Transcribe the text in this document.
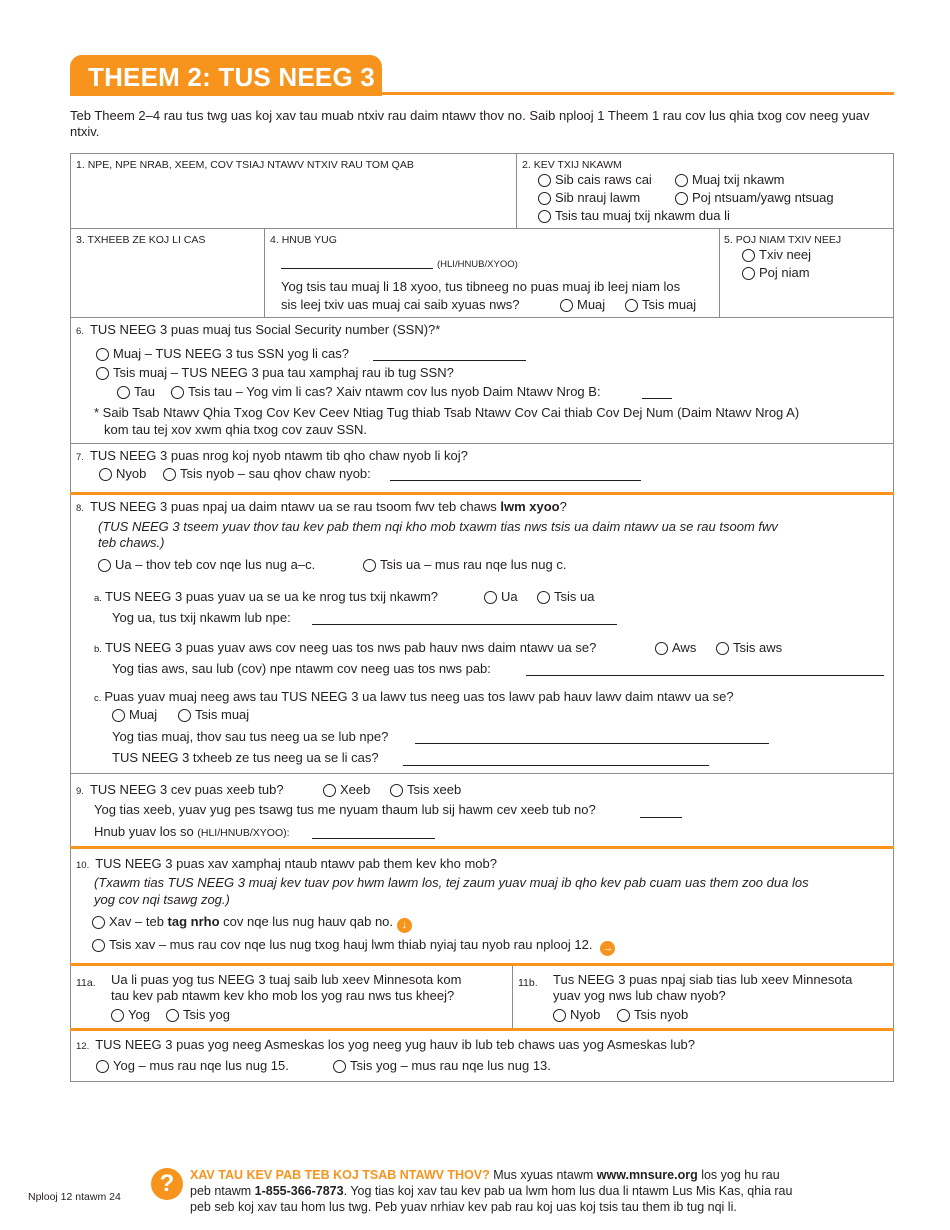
THEEM 2: TUS NEEG 3
Teb Theem 2–4 rau tus twg uas koj xav tau muab ntxiv rau daim ntawv thov no. Saib nplooj 1 Theem 1 rau cov lus qhia txog cov neeg yuav ntxiv.
1. NPE, NPE NRAB, XEEM, COV TSIAJ NTAWV NTXIV RAU TOM QAB	2. KEV TXIJ NKAWM
Sib cais raws cai	Muaj txij nkawm
Sib nrauj lawm	Poj ntsuam/yawg ntsuag
Tsis tau muaj txij nkawm dua li
3. TXHEEB ZE KOJ LI CAS	4. HNUB YUG
(HLI/HNUB/XYOO)
Yog tsis tau muaj li 18 xyoo, tus tibneeg no puas muaj ib leej niam los
sis leej txiv uas muaj cai saib xyuas nws?	Muaj	Tsis muaj
5. POJ NIAM TXIV NEEJ
Txiv neej
Poj niam
6. TUS NEEG 3 puas muaj tus Social Security number (SSN)?*
Muaj – TUS NEEG 3 tus SSN yog li cas?
Tsis muaj – TUS NEEG 3 pua tau xamphaj rau ib tug SSN?
Tau	Tsis tau – Yog vim li cas? Xaiv ntawm cov lus nyob Daim Ntawv Nrog B:
* Saib Tsab Ntawv Qhia Txog Cov Kev Ceev Ntiag Tug thiab Tsab Ntawv Cov Cai thiab Cov Dej Num (Daim Ntawv Nrog A)
kom tau tej xov xwm qhia txog cov zauv SSN.
7. TUS NEEG 3 puas nrog koj nyob ntawm tib qho chaw nyob li koj?
Nyob	Tsis nyob – sau qhov chaw nyob:
8. TUS NEEG 3 puas npaj ua daim ntawv ua se rau tsoom fwv teb chaws lwm xyoo?
(TUS NEEG 3 tseem yuav thov tau kev pab them nqi kho mob txawm tias nws tsis ua daim ntawv ua se rau tsoom fwv
teb chaws.)
Ua – thov teb cov nqe lus nug a–c.	Tsis ua – mus rau nqe lus nug c.
a. TUS NEEG 3 puas yuav ua se ua ke nrog tus txij nkawm?	Ua	Tsis ua
Yog ua, tus txij nkawm lub npe:
b. TUS NEEG 3 puas yuav aws cov neeg uas tos nws pab hauv nws daim ntawv ua se?	Aws	Tsis aws
Yog tias aws, sau lub (cov) npe ntawm cov neeg uas tos nws pab:
c. Puas yuav muaj neeg aws tau TUS NEEG 3 ua lawv tus neeg uas tos lawv pab hauv lawv daim ntawv ua se?
Muaj	Tsis muaj
Yog tias muaj, thov sau tus neeg ua se lub npe?
TUS NEEG 3 txheeb ze tus neeg ua se li cas?
9. TUS NEEG 3 cev puas xeeb tub?	Xeeb	Tsis xeeb
Yog tias xeeb, yuav yug pes tsawg tus me nyuam thaum lub sij hawm cev xeeb tub no?
Hnub yuav los so (HLI/HNUB/XYOO):
10. TUS NEEG 3 puas xav xamphaj ntaub ntawv pab them kev kho mob?
(Txawm tias TUS NEEG 3 muaj kev tuav pov hwm lawm los, tej zaum yuav muaj ib qho kev pab cuam uas them zoo dua los
yog cov nqi tsawg zog.)
Xav – teb tag nrho cov nqe lus nug hauv qab no. ↓
Tsis xav – mus rau cov nqe lus nug txog hauj lwm thiab nyiaj tau nyob rau nplooj 12. →
11a. Ua li puas yog tus NEEG 3 tuaj saib lub xeev Minnesota kom
tau kev pab ntawm kev kho mob los yog rau nws tus kheej?
Yog	Tsis yog
11b. Tus NEEG 3 puas npaj siab tias lub xeev Minnesota
yuav yog nws lub chaw nyob?
Nyob	Tsis nyob
12. TUS NEEG 3 puas yog neeg Asmeskas los yog neeg yug hauv ib lub teb chaws uas yog Asmeskas lub?
Yog – mus rau nqe lus nug 15.	Tsis yog – mus rau nqe lus nug 13.
Nplooj 12 ntawm 24	?	XAV TAU KEV PAB TEB KOJ TSAB NTAWV THOV? Mus xyuas ntawm www.mnsure.org los yog hu rau
peb ntawm 1-855-366-7873. Yog tias koj xav tau kev pab ua lwm hom lus dua li ntawm Lus Mis Kas, qhia rau
peb seb koj xav tau hom lus twg. Peb yuav nrhiav kev pab rau koj uas koj tsis tau them ib tug nqi li.
